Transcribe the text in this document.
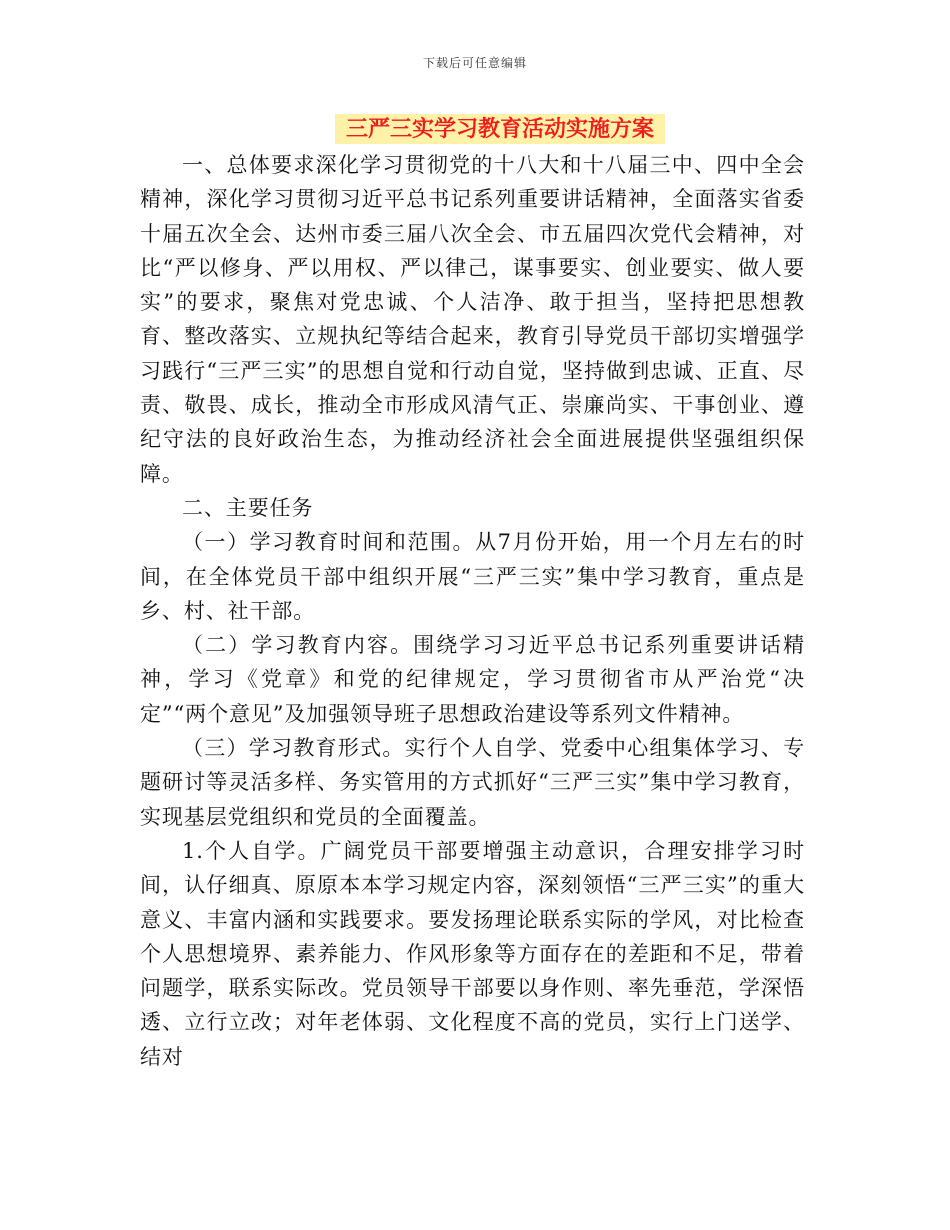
下载后可任意编辑
三严三实学习教育活动实施方案

一、总体要求深化学习贯彻党的十八大和十八届三中、四中全会精神，深化学习贯彻习近平总书记系列重要讲话精神，全面落实省委十届五次全会、达州市委三届八次全会、市五届四次党代会精神，对比“严以修身、严以用权、严以律己，谋事要实、创业要实、做人要实”的要求，聚焦对党忠诚、个人洁净、敢于担当，坚持把思想教育、整改落实、立规执纪等结合起来，教育引导党员干部切实增强学习践行“三严三实”的思想自觉和行动自觉，坚持做到忠诚、正直、尽责、敬畏、成长，推动全市形成风清气正、崇廉尚实、干事创业、遵纪守法的良好政治生态，为推动经济社会全面进展提供坚强组织保障。

二、主要任务

（一）学习教育时间和范围。从7月份开始，用一个月左右的时间，在全体党员干部中组织开展“三严三实”集中学习教育，重点是乡、村、社干部。

（二）学习教育内容。围绕学习习近平总书记系列重要讲话精神，学习《党章》和党的纪律规定，学习贯彻省市从严治党“决定”“两个意见”及加强领导班子思想政治建设等系列文件精神。

（三）学习教育形式。实行个人自学、党委中心组集体学习、专题研讨等灵活多样、务实管用的方式抓好“三严三实”集中学习教育，实现基层党组织和党员的全面覆盖。

1.个人自学。广阔党员干部要增强主动意识，合理安排学习时间，认仔细真、原原本本学习规定内容，深刻领悟“三严三实”的重大意义、丰富内涵和实践要求。要发扬理论联系实际的学风，对比检查个人思想境界、素养能力、作风形象等方面存在的差距和不足，带着问题学，联系实际改。党员领导干部要以身作则、率先垂范，学深悟透、立行立改；对年老体弱、文化程度不高的党员，实行上门送学、结对
